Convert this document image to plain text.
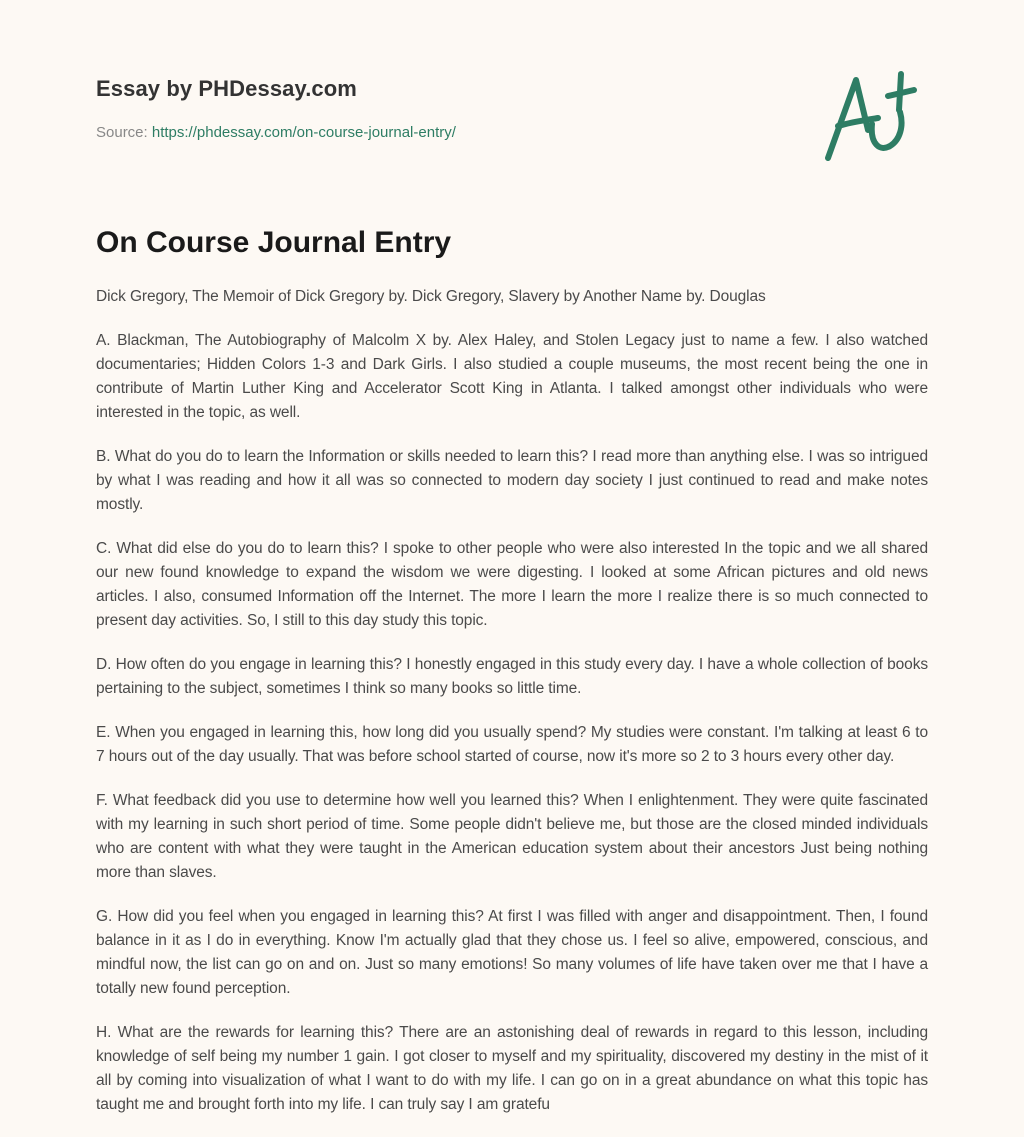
Essay by PHDessay.com
Source: https://phdessay.com/on-course-journal-entry/
On Course Journal Entry

Dick Gregory, The Memoir of Dick Gregory by. Dick Gregory, Slavery by Another Name by. Douglas

A. Blackman, The Autobiography of Malcolm X by. Alex Haley, and Stolen Legacy just to name a few. I also watched documentaries; Hidden Colors 1-3 and Dark Girls. I also studied a couple museums, the most recent being the one in contribute of Martin Luther King and Accelerator Scott King in Atlanta. I talked amongst other individuals who were interested in the topic, as well.

B. What do you do to learn the Information or skills needed to learn this? I read more than anything else. I was so intrigued by what I was reading and how it all was so connected to modern day society I just continued to read and make notes mostly.

C. What did else do you do to learn this? I spoke to other people who were also interested In the topic and we all shared our new found knowledge to expand the wisdom we were digesting. I looked at some African pictures and old news articles. I also, consumed Information off the Internet. The more I learn the more I realize there is so much connected to present day activities. So, I still to this day study this topic.

D. How often do you engage in learning this? I honestly engaged in this study every day. I have a whole collection of books pertaining to the subject, sometimes I think so many books so little time.

E. When you engaged in learning this, how long did you usually spend? My studies were constant. I'm talking at least 6 to 7 hours out of the day usually. That was before school started of course, now it's more so 2 to 3 hours every other day.

F. What feedback did you use to determine how well you learned this? When I enlightenment. They were quite fascinated with my learning in such short period of time. Some people didn't believe me, but those are the closed minded individuals who are content with what they were taught in the American education system about their ancestors Just being nothing more than slaves.

G. How did you feel when you engaged in learning this? At first I was filled with anger and disappointment. Then, I found balance in it as I do in everything. Know I'm actually glad that they chose us. I feel so alive, empowered, conscious, and mindful now, the list can go on and on. Just so many emotions! So many volumes of life have taken over me that I have a totally new found perception.

H. What are the rewards for learning this? There are an astonishing deal of rewards in regard to this lesson, including knowledge of self being my number 1 gain. I got closer to myself and my spirituality, discovered my destiny in the mist of it all by coming into visualization of what I want to do with my life. I can go on in a great abundance on what this topic has taught me and brought forth into my life. I can truly say I am gratefu
